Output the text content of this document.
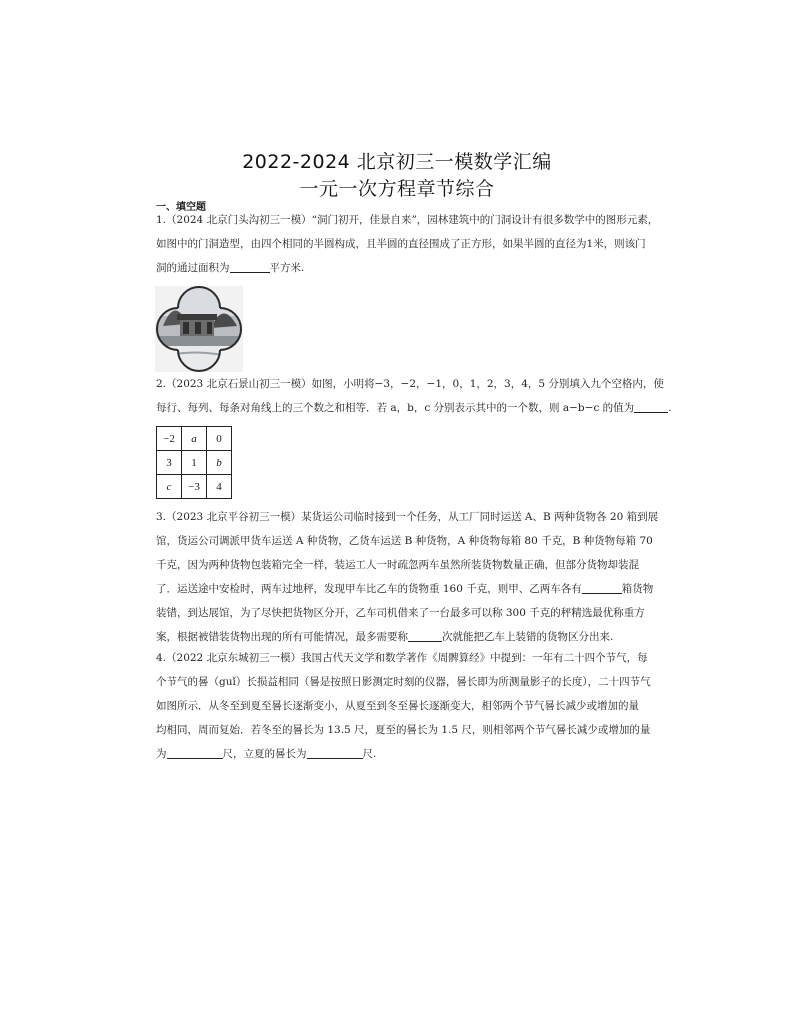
2022-2024 北京初三一模数学汇编
一元一次方程章节综合
一、填空题
1.（2024 北京门头沟初三一模）“洞门初开，佳景自来”，园林建筑中的门洞设计有很多数学中的图形元素，
如图中的门洞造型，由四个相同的半圆构成，且半圆的直径围成了正方形，如果半圆的直径为1米，则该门
洞的通过面积为	平方米.
2.（2023 北京石景山初三一模）如图，小明将−3，−2，−1，0，1，2，3，4，5 分别填入九个空格内，使
每行、每列、每条对角线上的三个数之和相等．若 a，b，c 分别表示其中的一个数，则 a−b−c 的值为	.
−2	a	0
3	1	b
c	−3	4
3.（2023 北京平谷初三一模）某货运公司临时接到一个任务，从工厂同时运送 A、B 两种货物各 20 箱到展
馆，货运公司调派甲货车运送 A 种货物，乙货车运送 B 种货物，A 种货物每箱 80 千克，B 种货物每箱 70
千克，因为两种货物包装箱完全一样，装运工人一时疏忽两车虽然所装货物数量正确，但部分货物却装混
了．运送途中安检时，两车过地秤，发现甲车比乙车的货物重 160 千克，则甲、乙两车各有	箱货物
装错，到达展馆，为了尽快把货物区分开，乙车司机借来了一台最多可以称 300 千克的秤精选最优称重方
案，根据被错装货物出现的所有可能情况，最多需要称	次就能把乙车上装错的货物区分出来.
4.（2022 北京东城初三一模）我国古代天文学和数学著作《周髀算经》中提到：一年有二十四个节气，每
个节气的晷（guǐ）长损益相同（晷是按照日影测定时刻的仪器，晷长即为所测量影子的长度），二十四节气
如图所示．从冬至到夏至晷长逐渐变小，从夏至到冬至晷长逐渐变大，相邻两个节气晷长减少或增加的量
均相同，周而复始．若冬至的晷长为 13.5 尺，夏至的晷长为 1.5 尺，则相邻两个节气晷长减少或增加的量
为	尺，立夏的晷长为	尺.
